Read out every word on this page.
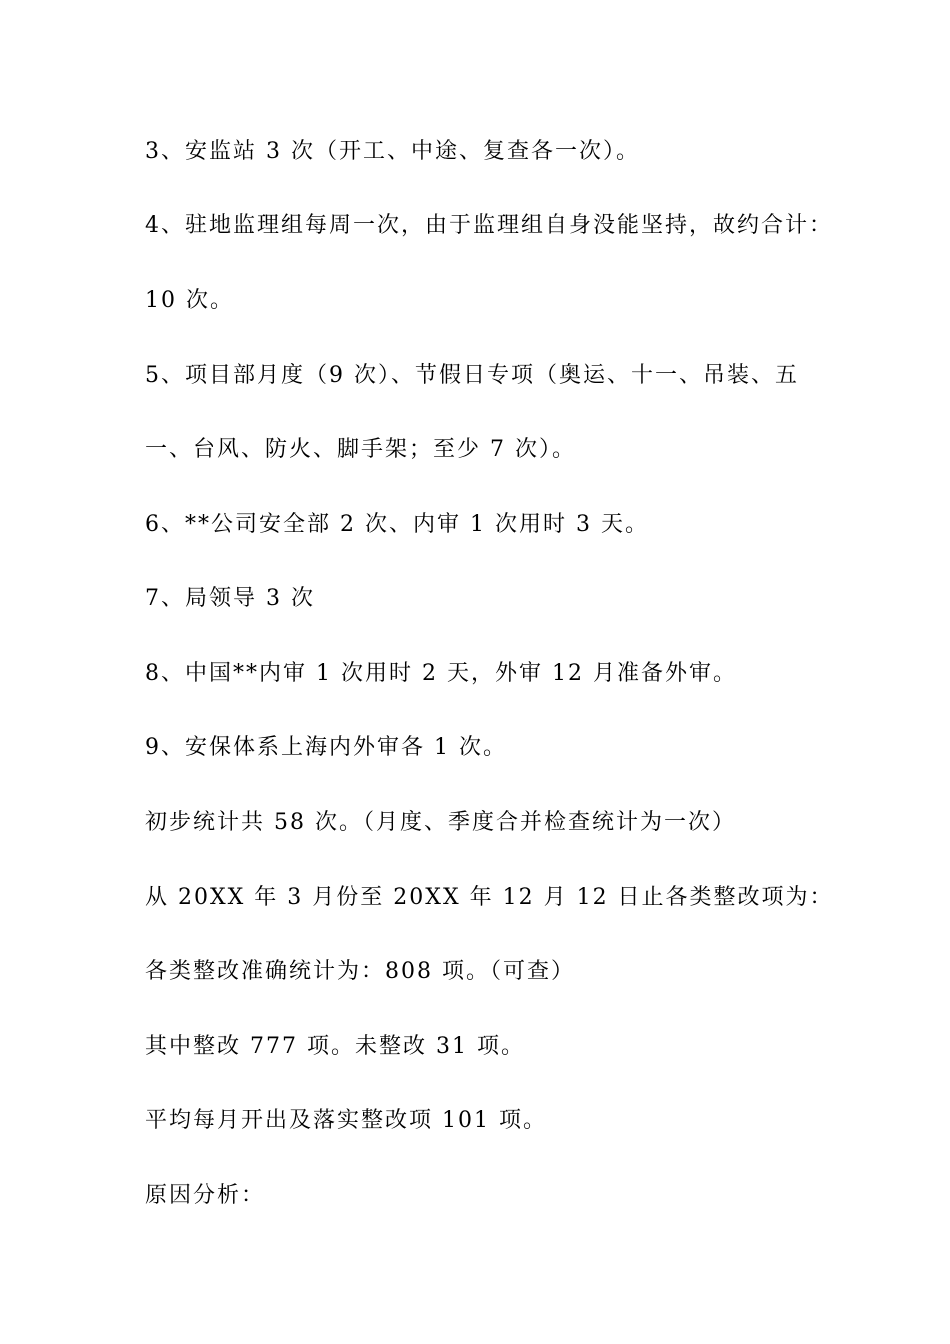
3、安监站 3 次（开工、中途、复查各一次）。
4、驻地监理组每周一次，由于监理组自身没能坚持，故约合计：
10 次。
5、项目部月度（9 次）、节假日专项（奥运、十一、吊装、五
一、台风、防火、脚手架；至少 7 次）。
6、**公司安全部 2 次、内审 1 次用时 3 天。
7、局领导 3 次
8、中国**内审 1 次用时 2 天，外审 12 月准备外审。
9、安保体系上海内外审各 1 次。
初步统计共 58 次。（月度、季度合并检查统计为一次）
从 20XX 年 3 月份至 20XX 年 12 月 12 日止各类整改项为：
各类整改准确统计为：808 项。（可查）
其中整改 777 项。未整改 31 项。
平均每月开出及落实整改项 101 项。
原因分析：
